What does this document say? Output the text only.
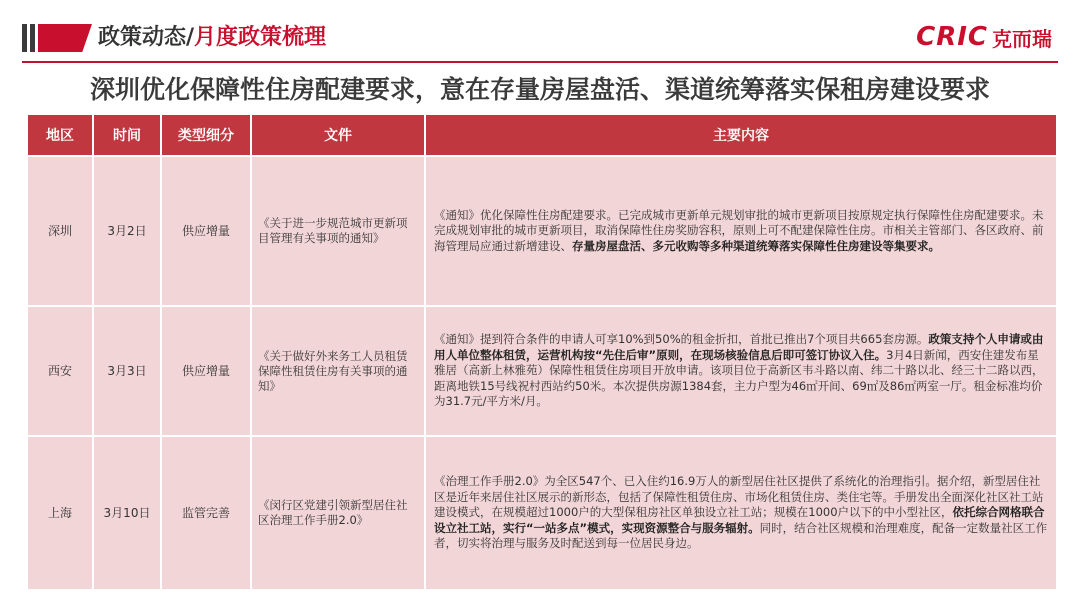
政策动态/月度政策梳理	CRIC 克而瑞
深圳优化保障性住房配建要求，意在存量房屋盘活、渠道统筹落实保租房建设要求
地区	时间	类型细分	文件	主要内容
深圳	3月2日	供应增量	《关于进一步规范城市更新项目管理有关事项的通知》	《通知》优化保障性住房配建要求。已完成城市更新单元规划审批的城市更新项目按原规定执行保障性住房配建要求。未完成规划审批的城市更新项目，取消保障性住房奖励容积，原则上可不配建保障性住房。市相关主管部门、各区政府、前海管理局应通过新增建设、存量房屋盘活、多元收购等多种渠道统筹落实保障性住房建设等集要求。
西安	3月3日	供应增量	《关于做好外来务工人员租赁保障性租赁住房有关事项的通知》	《通知》提到符合条件的申请人可享10%到50%的租金折扣，首批已推出7个项目共665套房源。政策支持个人申请或由用人单位整体租赁，运营机构按“先住后审”原则，在现场核验信息后即可签订协议入住。3月4日新闻，西安住建发布星雅居（高新上林雅苑）保障性租赁住房项目开放申请。该项目位于高新区韦斗路以南、纬二十路以北、经三十二路以西，距离地铁15号线祝村西站约50米。本次提供房源1384套，主力户型为46㎡开间、69㎡及86㎡两室一厅。租金标准均价为31.7元/平方米/月。
上海	3月10日	监管完善	《闵行区党建引领新型居住社区治理工作手册2.0》	《治理工作手册2.0》为全区547个、已入住约16.9万人的新型居住社区提供了系统化的治理指引。据介绍，新型居住社区是近年来居住社区展示的新形态，包括了保障性租赁住房、市场化租赁住房、类住宅等。手册发出全面深化社区社工站建设模式，在规模超过1000户的大型保租房社区单独设立社工站；规模在1000户以下的中小型社区，依托综合网格联合设立社工站，实行“一站多点”模式，实现资源整合与服务辐射。同时，结合社区规模和治理难度，配备一定数量社区工作者，切实将治理与服务及时配送到每一位居民身边。
